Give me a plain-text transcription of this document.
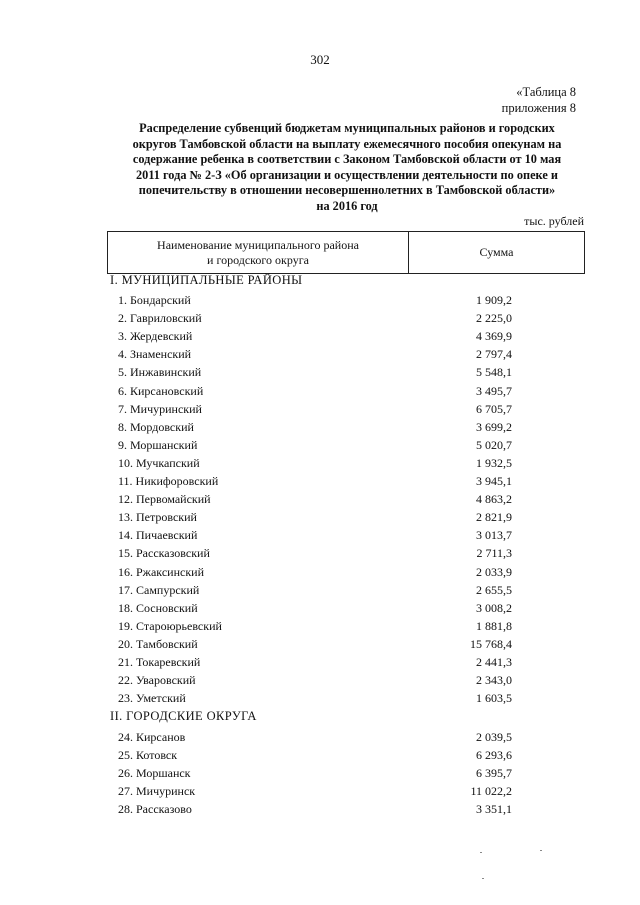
302
«Таблица 8
приложения 8
Распределение субвенций бюджетам муниципальных районов и городских
округов Тамбовской области на выплату ежемесячного пособия опекунам на
содержание ребенка в соответствии с Законом Тамбовской области от 10 мая
2011 года № 2-З «Об организации и осуществлении деятельности по опеке и
попечительству в отношении несовершеннолетних в Тамбовской области»
на 2016 год
тыс. рублей
Наименование муниципального района
и городского округа
Сумма
I. МУНИЦИПАЛЬНЫЕ РАЙОНЫ
1. Бондарский	1 909,2
2. Гавриловский	2 225,0
3. Жердевский	4 369,9
4. Знаменский	2 797,4
5. Инжавинский	5 548,1
6. Кирсановский	3 495,7
7. Мичуринский	6 705,7
8. Мордовский	3 699,2
9. Моршанский	5 020,7
10. Мучкапский	1 932,5
11. Никифоровский	3 945,1
12. Первомайский	4 863,2
13. Петровский	2 821,9
14. Пичаевский	3 013,7
15. Рассказовский	2 711,3
16. Ржаксинский	2 033,9
17. Сампурский	2 655,5
18. Сосновский	3 008,2
19. Староюрьевский	1 881,8
20. Тамбовский	15 768,4
21. Токаревский	2 441,3
22. Уваровский	2 343,0
23. Уметский	1 603,5
II. ГОРОДСКИЕ ОКРУГА
24. Кирсанов	2 039,5
25. Котовск	6 293,6
26. Моршанск	6 395,7
27. Мичуринск	11 022,2
28. Рассказово	3 351,1
